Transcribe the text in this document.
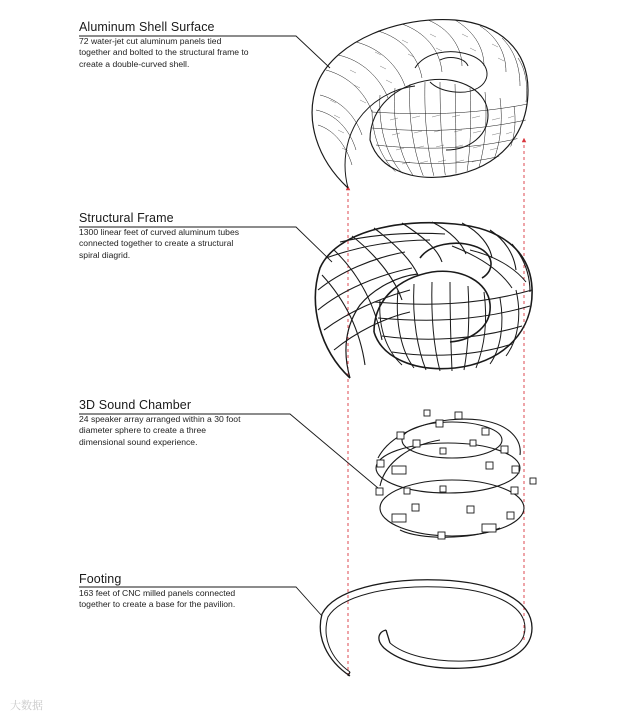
Aluminum Shell Surface

72 water-jet cut aluminum panels tied together and bolted to the structural frame to create a double-curved shell.

Structural Frame

1300 linear feet of curved aluminum tubes connected together to create a structural spiral diagrid.

3D Sound Chamber

24 speaker array arranged within a 30 foot diameter sphere to create a three dimensional sound experience.

Footing

163 feet of CNC milled panels connected together to create a base for the pavilion.

大数据
